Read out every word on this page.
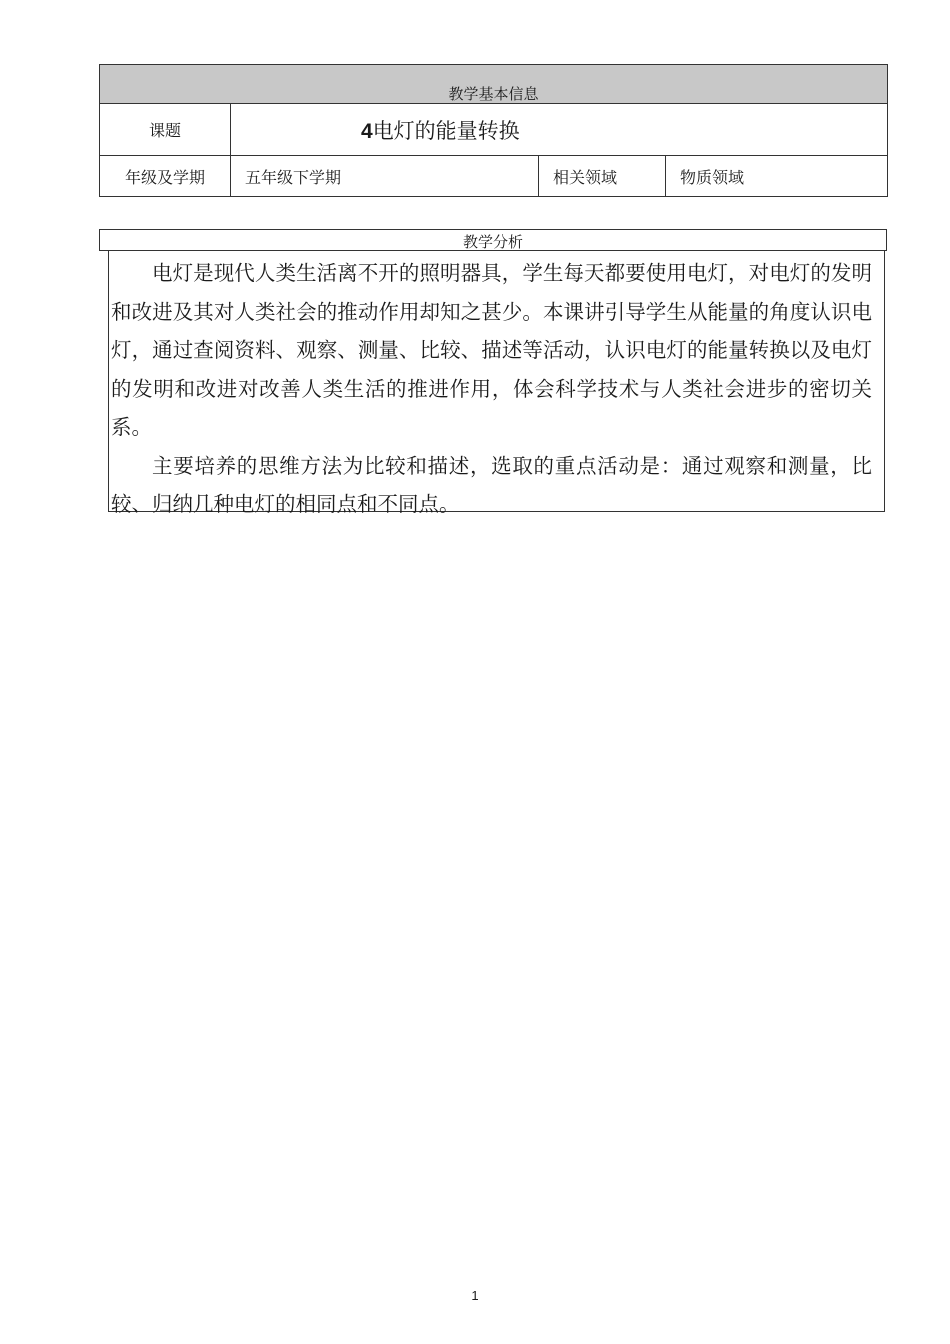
教学基本信息			
课题	4电灯的能量转换		
年级及学期	五年级下学期	相关领域	物质领域
教学分析

电灯是现代人类生活离不开的照明器具，学生每天都要使用电灯，对电灯的发明和改进及其对人类社会的推动作用却知之甚少。本课讲引导学生从能量的角度认识电灯，通过查阅资料、观察、测量、比较、描述等活动，认识电灯的能量转换以及电灯的发明和改进对改善人类生活的推进作用，体会科学技术与人类社会进步的密切关系。

主要培养的思维方法为比较和描述，选取的重点活动是：通过观察和测量，比较、归纳几种电灯的相同点和不同点。

1
